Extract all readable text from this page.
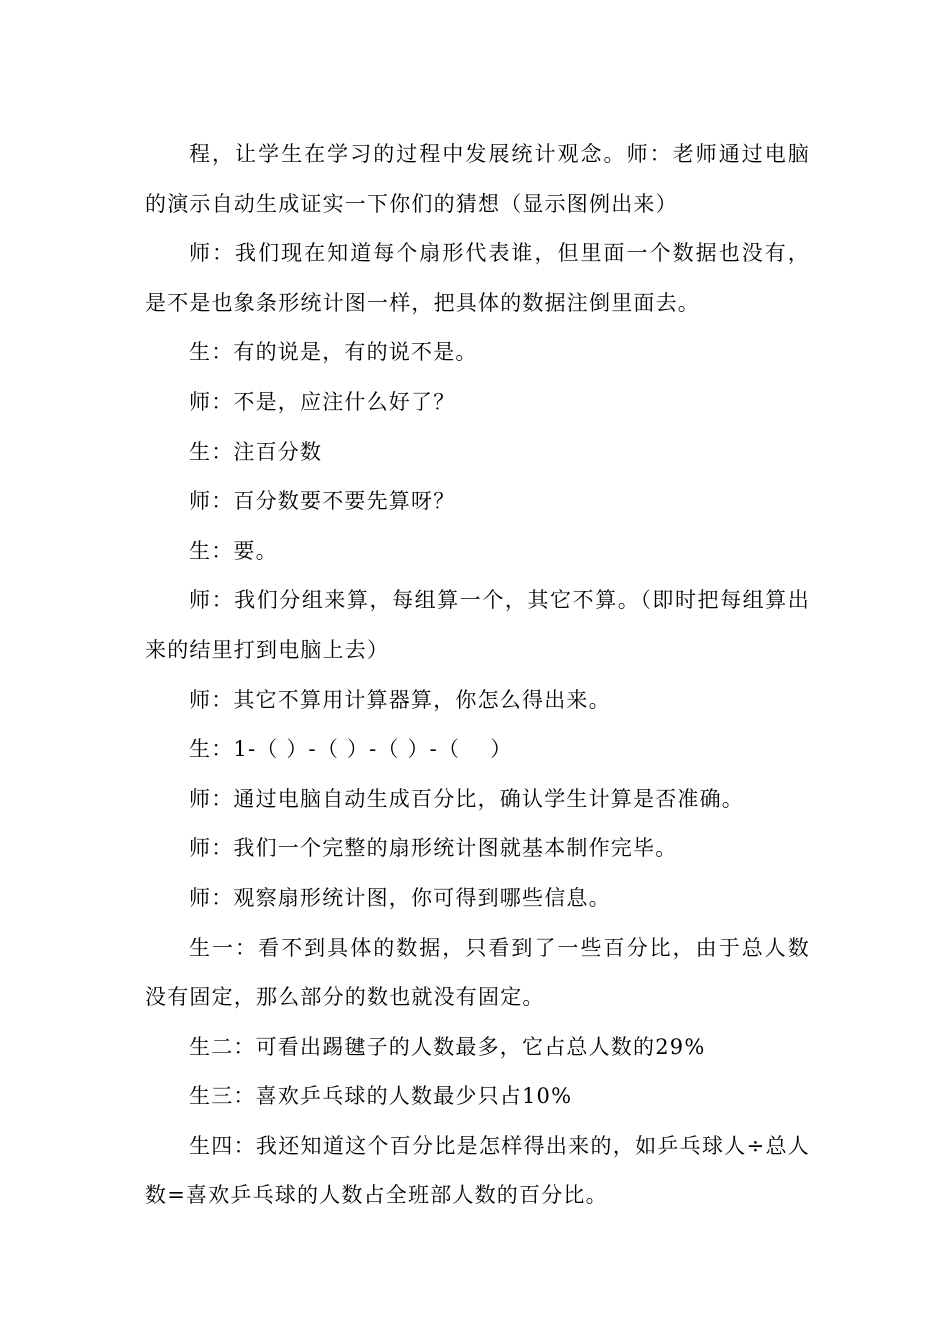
程，让学生在学习的过程中发展统计观念。师：老师通过电脑的演示自动生成证实一下你们的猜想（显示图例出来）

师：我们现在知道每个扇形代表谁，但里面一个数据也没有，是不是也象条形统计图一样，把具体的数据注倒里面去。

生：有的说是，有的说不是。

师：不是，应注什么好了？

生：注百分数

师：百分数要不要先算呀？

生：要。

师：我们分组来算，每组算一个，其它不算。（即时把每组算出来的结里打到电脑上去）

师：其它不算用计算器算，你怎么得出来。

生：1-（ ）-（ ）-（ ）-（　 ）

师：通过电脑自动生成百分比，确认学生计算是否准确。

师：我们一个完整的扇形统计图就基本制作完毕。

师：观察扇形统计图，你可得到哪些信息。

生一：看不到具体的数据，只看到了一些百分比，由于总人数没有固定，那么部分的数也就没有固定。

生二：可看出踢毽子的人数最多，它占总人数的29%

生三：喜欢乒乓球的人数最少只占10%

生四：我还知道这个百分比是怎样得出来的，如乒乓球人÷总人数=喜欢乒乓球的人数占全班部人数的百分比。
